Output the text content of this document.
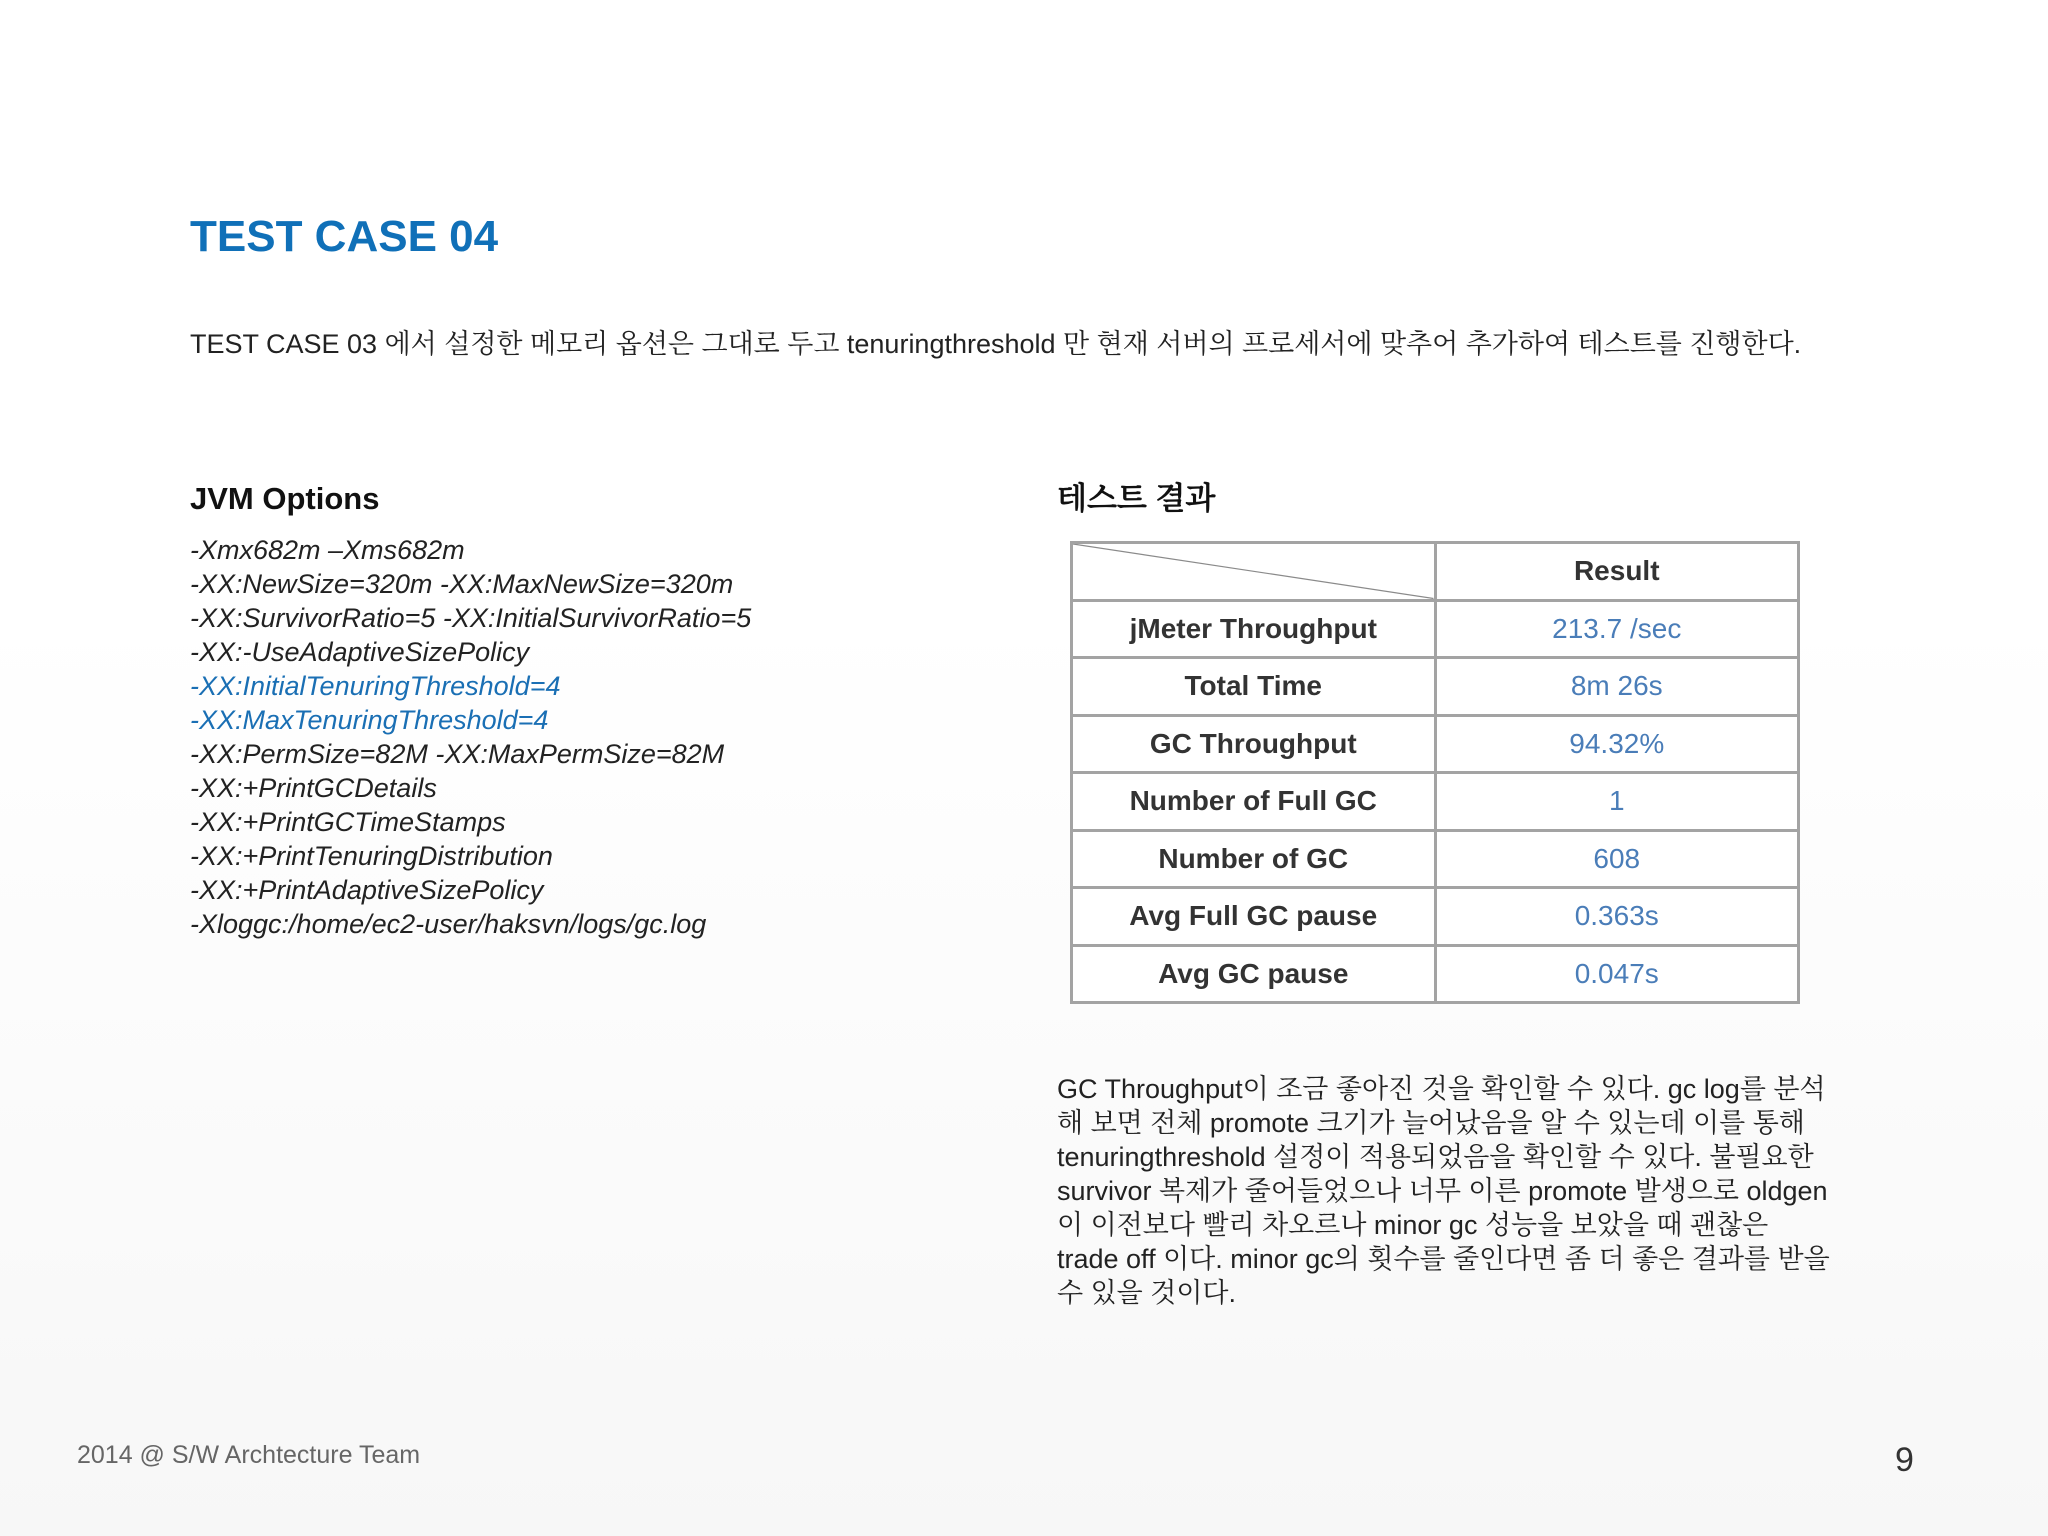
TEST CASE 04
TEST CASE 03 에서 설정한 메모리 옵션은 그대로 두고 tenuringthreshold 만 현재 서버의 프로세서에 맞추어 추가하여 테스트를 진행한다.
JVM Options
-Xmx682m –Xms682m
-XX:NewSize=320m -XX:MaxNewSize=320m
-XX:SurvivorRatio=5 -XX:InitialSurvivorRatio=5
-XX:-UseAdaptiveSizePolicy
-XX:InitialTenuringThreshold=4
-XX:MaxTenuringThreshold=4
-XX:PermSize=82M -XX:MaxPermSize=82M
-XX:+PrintGCDetails
-XX:+PrintGCTimeStamps
-XX:+PrintTenuringDistribution
-XX:+PrintAdaptiveSizePolicy
-Xloggc:/home/ec2-user/haksvn/logs/gc.log
테스트 결과
	Result
jMeter Throughput	213.7 /sec
Total Time	8m 26s
GC Throughput	94.32%
Number of Full GC	1
Number of GC	608
Avg Full GC pause	0.363s
Avg GC pause	0.047s
GC Throughput이 조금 좋아진 것을 확인할 수 있다. gc log를 분석해 보면 전체 promote 크기가 늘어났음을 알 수 있는데 이를 통해 tenuringthreshold 설정이 적용되었음을 확인할 수 있다. 불필요한 survivor 복제가 줄어들었으나 너무 이른 promote 발생으로 oldgen 이 이전보다 빨리 차오르나 minor gc 성능을 보았을 때 괜찮은 trade off 이다. minor gc의 횟수를 줄인다면 좀 더 좋은 결과를 받을 수 있을 것이다.
2014 @ S/W Archtecture Team	9
